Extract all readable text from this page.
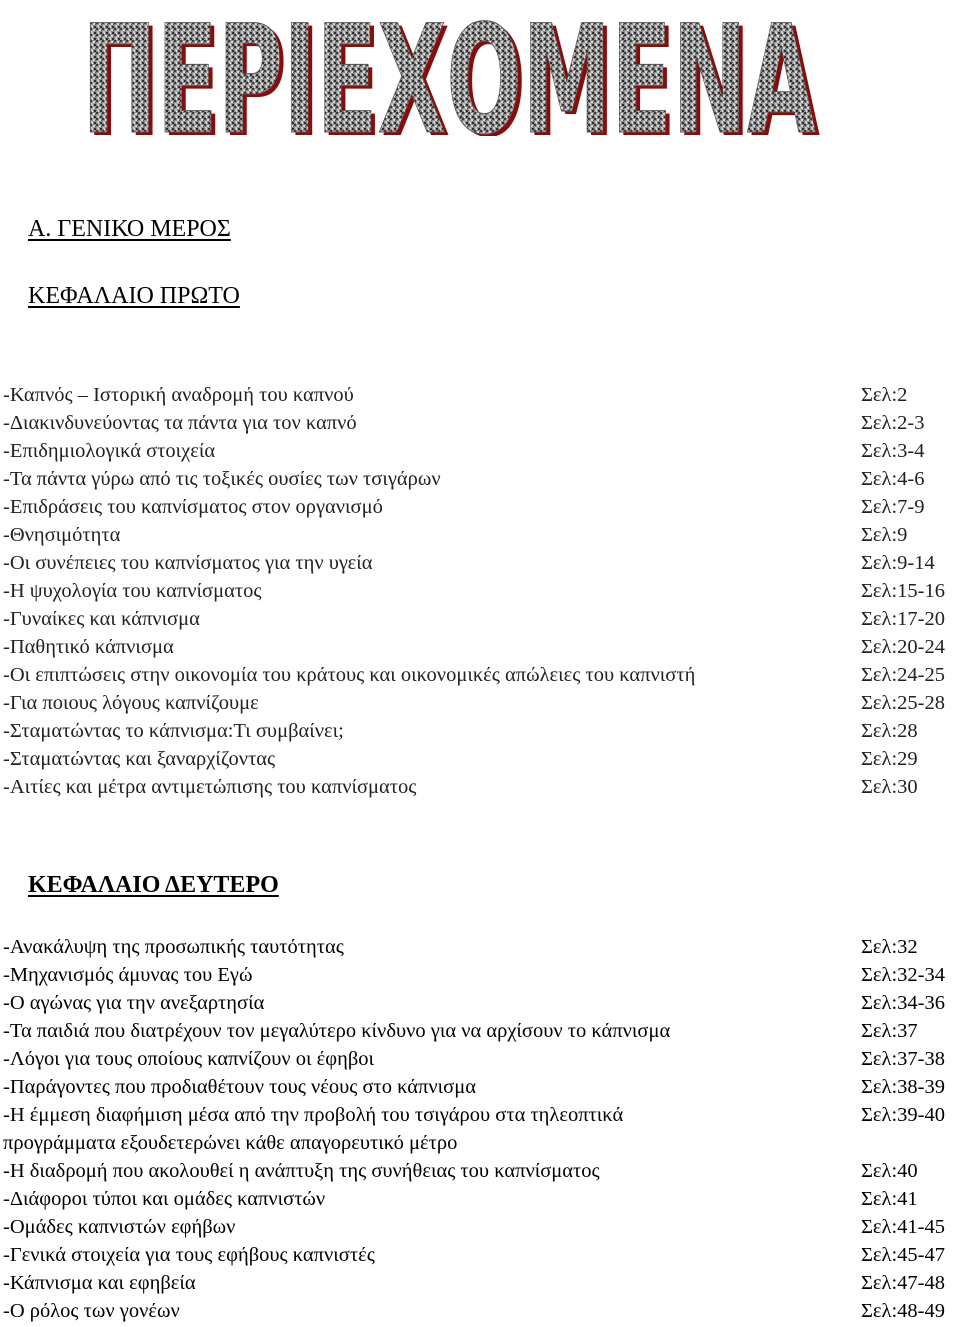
ΠΕΡΙΕΧΟΜΕΝΑ
ΠΕΡΙΕΧΟΜΕΝΑ
Α. ΓΕΝΙΚΟ ΜΕΡΟΣ
ΚΕΦΑΛΑΙΟ ΠΡΩΤΟ
-Καπνός – Ιστορική αναδρομή του καπνού	Σελ:2
-Διακινδυνεύοντας τα πάντα για τον καπνό	Σελ:2-3
-Επιδημιολογικά στοιχεία	Σελ:3-4
-Τα πάντα γύρω από τις τοξικές ουσίες των τσιγάρων	Σελ:4-6
-Επιδράσεις του καπνίσματος στον οργανισμό	Σελ:7-9
-Θνησιμότητα	Σελ:9
-Οι συνέπειες του καπνίσματος για την υγεία	Σελ:9-14
-Η ψυχολογία του καπνίσματος	Σελ:15-16
-Γυναίκες και κάπνισμα	Σελ:17-20
-Παθητικό κάπνισμα	Σελ:20-24
-Οι επιπτώσεις στην οικονομία του κράτους και οικονομικές απώλειες του καπνιστή	Σελ:24-25
-Για ποιους λόγους καπνίζουμε	Σελ:25-28
-Σταματώντας το κάπνισμα:Τι συμβαίνει;	Σελ:28
-Σταματώντας και ξαναρχίζοντας	Σελ:29
-Αιτίες και μέτρα αντιμετώπισης του καπνίσματος	Σελ:30
ΚΕΦΑΛΑΙΟ ΔΕΥΤΕΡΟ
-Ανακάλυψη της προσωπικής ταυτότητας	Σελ:32
-Μηχανισμός άμυνας του Εγώ	Σελ:32-34
-Ο αγώνας για την ανεξαρτησία	Σελ:34-36
-Τα παιδιά που διατρέχουν τον μεγαλύτερο κίνδυνο για να αρχίσουν το κάπνισμα	Σελ:37
-Λόγοι για τους οποίους καπνίζουν οι έφηβοι	Σελ:37-38
-Παράγοντες που προδιαθέτουν τους νέους στο κάπνισμα	Σελ:38-39
-Η έμμεση διαφήμιση μέσα από την προβολή του τσιγάρου στα τηλεοπτικά	Σελ:39-40
προγράμματα εξουδετερώνει κάθε απαγορευτικό μέτρο
-Η διαδρομή που ακολουθεί η ανάπτυξη της συνήθειας του καπνίσματος	Σελ:40
-Διάφοροι τύποι και ομάδες καπνιστών	Σελ:41
-Ομάδες καπνιστών εφήβων	Σελ:41-45
-Γενικά στοιχεία για τους εφήβους καπνιστές	Σελ:45-47
-Κάπνισμα και εφηβεία	Σελ:47-48
-Ο ρόλος των γονέων	Σελ:48-49
